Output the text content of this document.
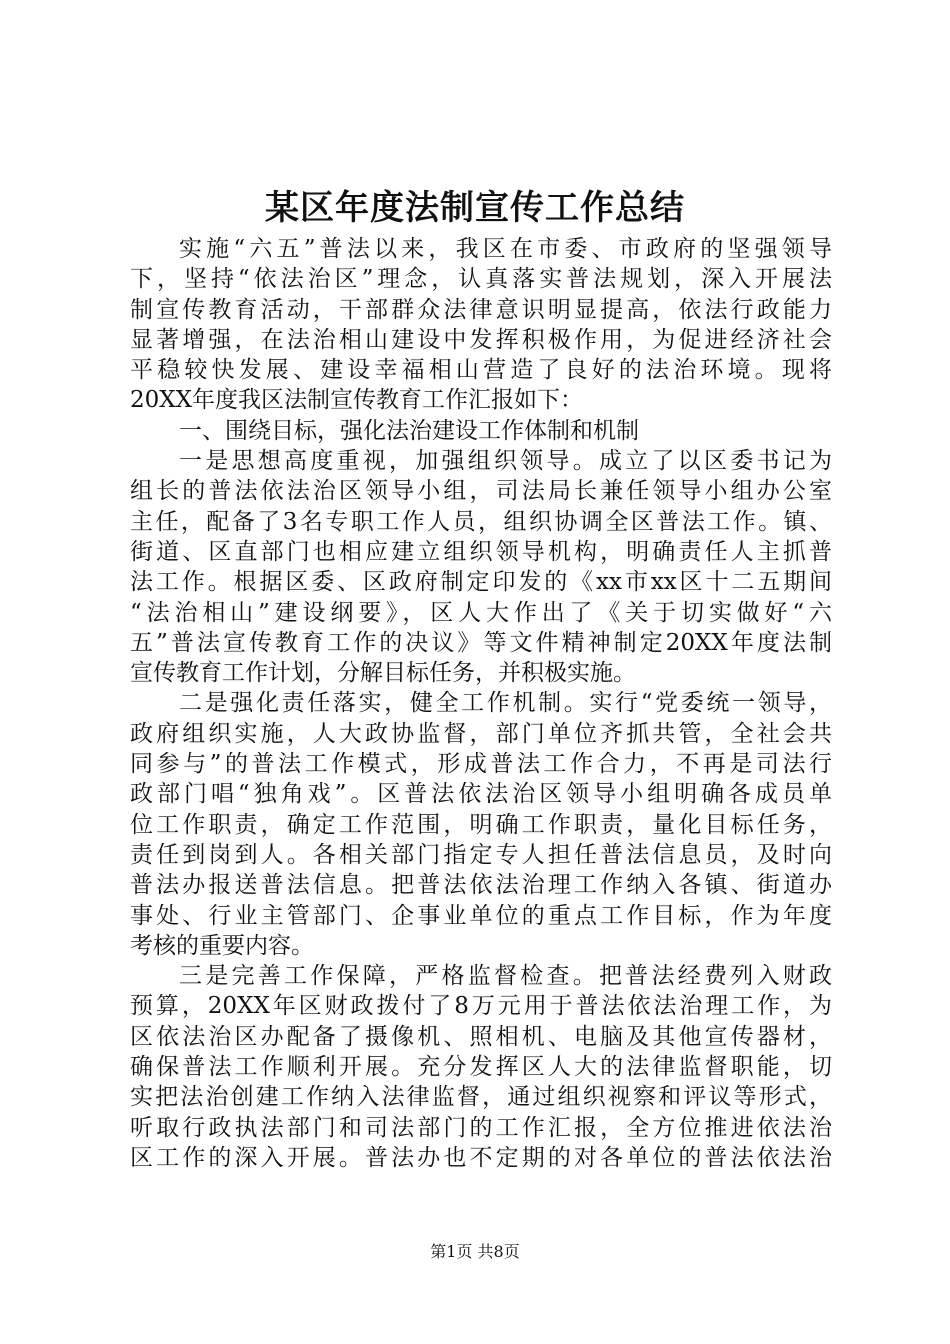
某区年度法制宣传工作总结
实施“六五”普法以来，我区在市委、市政府的坚强领导
下，坚持“依法治区”理念，认真落实普法规划，深入开展法
制宣传教育活动，干部群众法律意识明显提高，依法行政能力
显著增强，在法治相山建设中发挥积极作用，为促进经济社会
平稳较快发展、建设幸福相山营造了良好的法治环境。现将
20XX年度我区法制宣传教育工作汇报如下：
一、围绕目标，强化法治建设工作体制和机制
一是思想高度重视，加强组织领导。成立了以区委书记为
组长的普法依法治区领导小组，司法局长兼任领导小组办公室
主任，配备了3名专职工作人员，组织协调全区普法工作。镇、
街道、区直部门也相应建立组织领导机构，明确责任人主抓普
法工作。根据区委、区政府制定印发的《xx市xx区十二五期间
“法治相山”建设纲要》，区人大作出了《关于切实做好“六
五”普法宣传教育工作的决议》等文件精神制定20XX年度法制
宣传教育工作计划，分解目标任务，并积极实施。
二是强化责任落实，健全工作机制。实行“党委统一领导，
政府组织实施，人大政协监督，部门单位齐抓共管，全社会共
同参与”的普法工作模式，形成普法工作合力，不再是司法行
政部门唱“独角戏”。区普法依法治区领导小组明确各成员单
位工作职责，确定工作范围，明确工作职责，量化目标任务，
责任到岗到人。各相关部门指定专人担任普法信息员，及时向
普法办报送普法信息。把普法依法治理工作纳入各镇、街道办
事处、行业主管部门、企事业单位的重点工作目标，作为年度
考核的重要内容。
三是完善工作保障，严格监督检查。把普法经费列入财政
预算，20XX年区财政拨付了8万元用于普法依法治理工作，为
区依法治区办配备了摄像机、照相机、电脑及其他宣传器材，
确保普法工作顺利开展。充分发挥区人大的法律监督职能，切
实把法治创建工作纳入法律监督，通过组织视察和评议等形式，
听取行政执法部门和司法部门的工作汇报，全方位推进依法治
区工作的深入开展。普法办也不定期的对各单位的普法依法治
第1页 共8页
